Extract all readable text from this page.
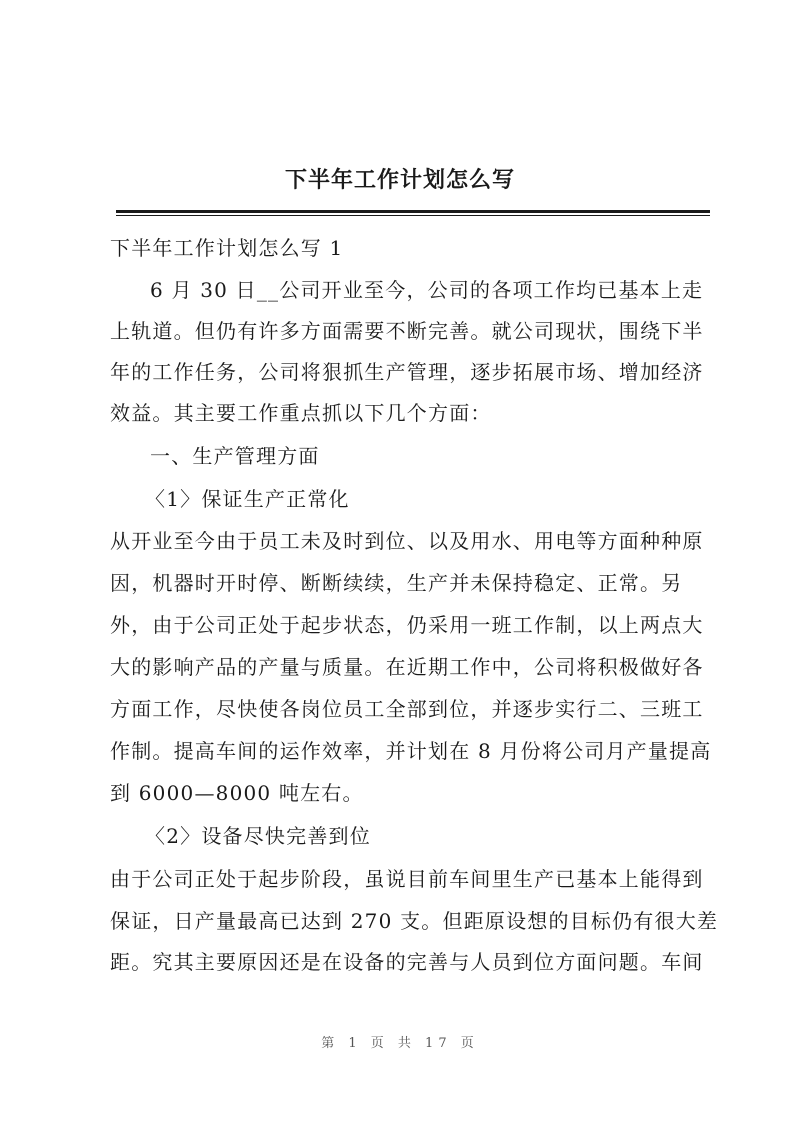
下半年工作计划怎么写
下半年工作计划怎么写 1
6 月 30 日__公司开业至今，公司的各项工作均已基本上走
上轨道。但仍有许多方面需要不断完善。就公司现状，围绕下半
年的工作任务，公司将狠抓生产管理，逐步拓展市场、增加经济
效益。其主要工作重点抓以下几个方面：
一、生产管理方面
〈1〉保证生产正常化
从开业至今由于员工未及时到位、以及用水、用电等方面种种原
因，机器时开时停、断断续续，生产并未保持稳定、正常。另
外，由于公司正处于起步状态，仍采用一班工作制，以上两点大
大的影响产品的产量与质量。在近期工作中，公司将积极做好各
方面工作，尽快使各岗位员工全部到位，并逐步实行二、三班工
作制。提高车间的运作效率，并计划在 8 月份将公司月产量提高
到 6000—8000 吨左右。
〈2〉设备尽快完善到位
由于公司正处于起步阶段，虽说目前车间里生产已基本上能得到
保证，日产量最高已达到 270 支。但距原设想的目标仍有很大差
距。究其主要原因还是在设备的完善与人员到位方面问题。车间
第 1 页 共 17 页
